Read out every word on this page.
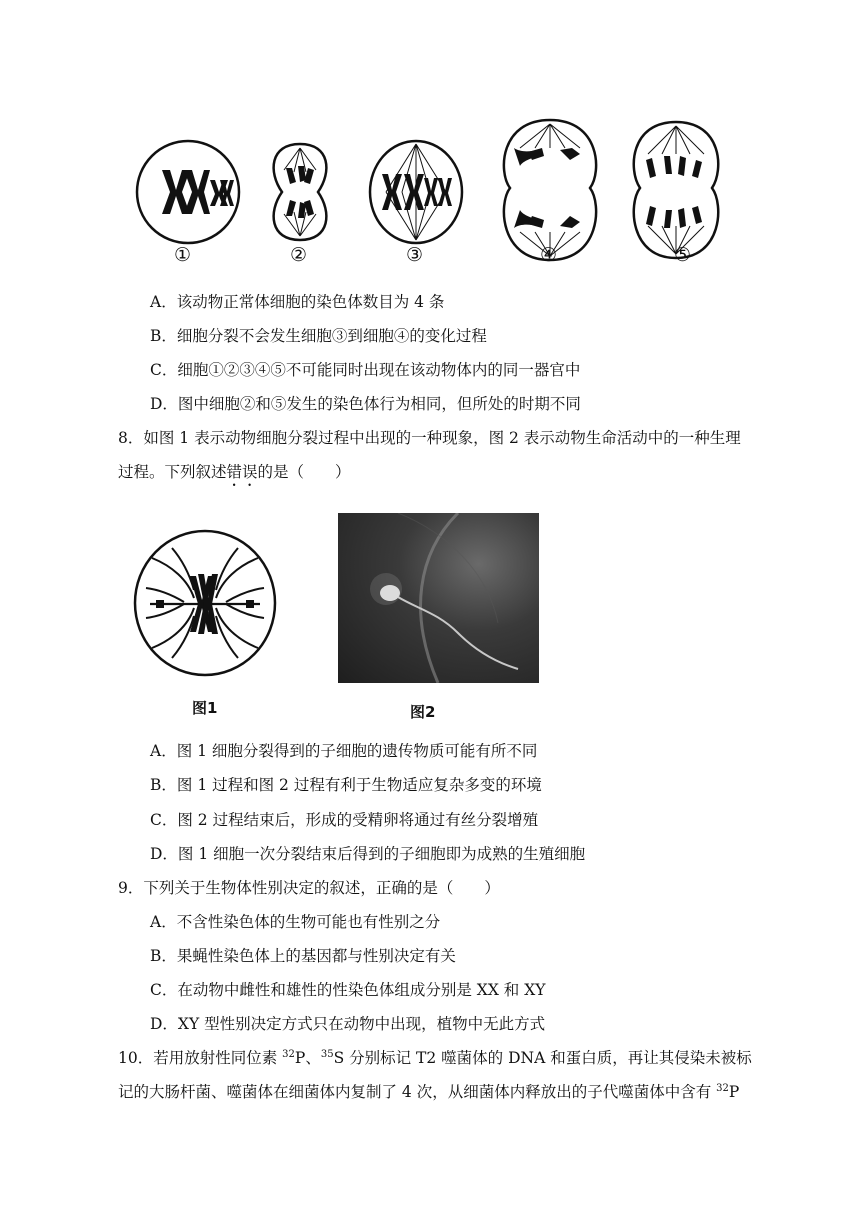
①	②	③	④	⑤
A．该动物正常体细胞的染色体数目为 4 条
B．细胞分裂不会发生细胞③到细胞④的变化过程
C．细胞①②③④⑤不可能同时出现在该动物体内的同一器官中
D．图中细胞②和⑤发生的染色体行为相同，但所处的时期不同
8．如图 1 表示动物细胞分裂过程中出现的一种现象，图 2 表示动物生命活动中的一种生理
过程。下列叙述错误的是（　　）
图1	图2
A．图 1 细胞分裂得到的子细胞的遗传物质可能有所不同
B．图 1 过程和图 2 过程有利于生物适应复杂多变的环境
C．图 2 过程结束后，形成的受精卵将通过有丝分裂增殖
D．图 1 细胞一次分裂结束后得到的子细胞即为成熟的生殖细胞
9．下列关于生物体性别决定的叙述，正确的是（　　）
A．不含性染色体的生物可能也有性别之分
B．果蝇性染色体上的基因都与性别决定有关
C．在动物中雌性和雄性的性染色体组成分别是 XX 和 XY
D．XY 型性别决定方式只在动物中出现，植物中无此方式
10．若用放射性同位素 $^{32}$P、$^{35}$S 分别标记 T2 噬菌体的 DNA 和蛋白质，再让其侵染未被标
记的大肠杆菌、噬菌体在细菌体内复制了 4 次，从细菌体内释放出的子代噬菌体中含有 $^{32}$P
